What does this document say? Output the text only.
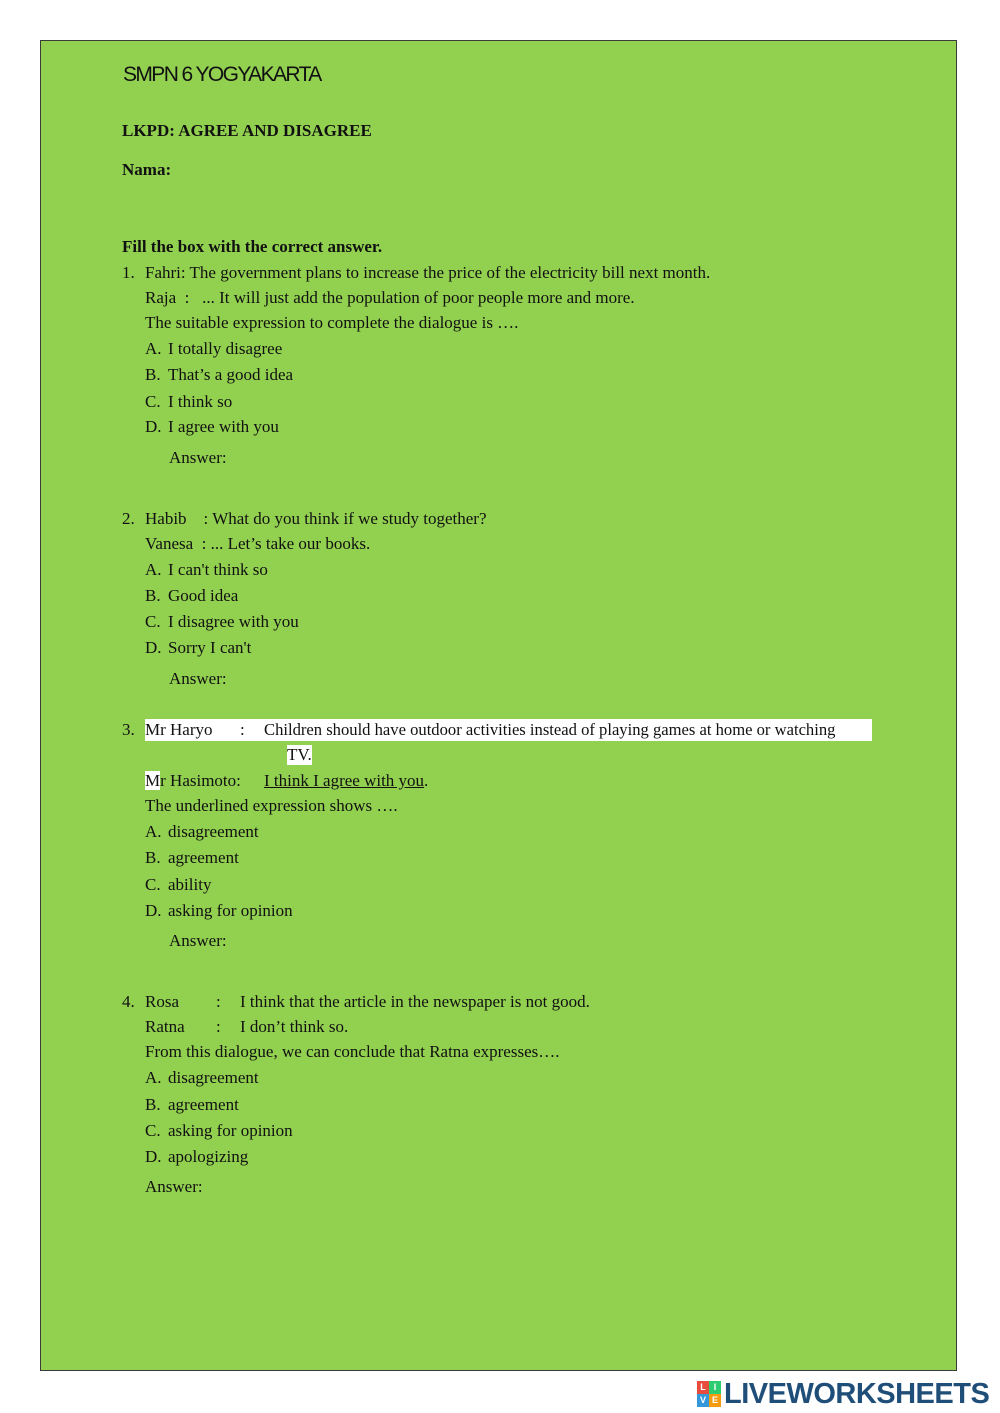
SMPN 6 YOGYAKARTA
LKPD: AGREE AND DISAGREE
Nama:
Fill the box with the correct answer.
1. Fahri: The government plans to increase the price of the electricity bill next month.
Raja  :   ... It will just add the population of poor people more and more.
The suitable expression to complete the dialogue is ….
A. I totally disagree
B. That’s a good idea
C. I think so
D. I agree with you
Answer:
2. Habib    : What do you think if we study together?
Vanesa  : ... Let’s take our books.
A. I can't think so
B. Good idea
C. I disagree with you
D. Sorry I can't
Answer:
3. Mr Haryo : Children should have outdoor activities instead of playing games at home or watching
TV.
Mr Hasimoto: I think I agree with you.
The underlined expression shows ….
A. disagreement
B. agreement
C. ability
D. asking for opinion
Answer:
4. Rosa : I think that the article in the newspaper is not good.
Ratna : I don’t think so.
From this dialogue, we can conclude that Ratna expresses….
A. disagreement
B. agreement
C. asking for opinion
D. apologizing
Answer:
L I
V E LIVEWORKSHEETS
